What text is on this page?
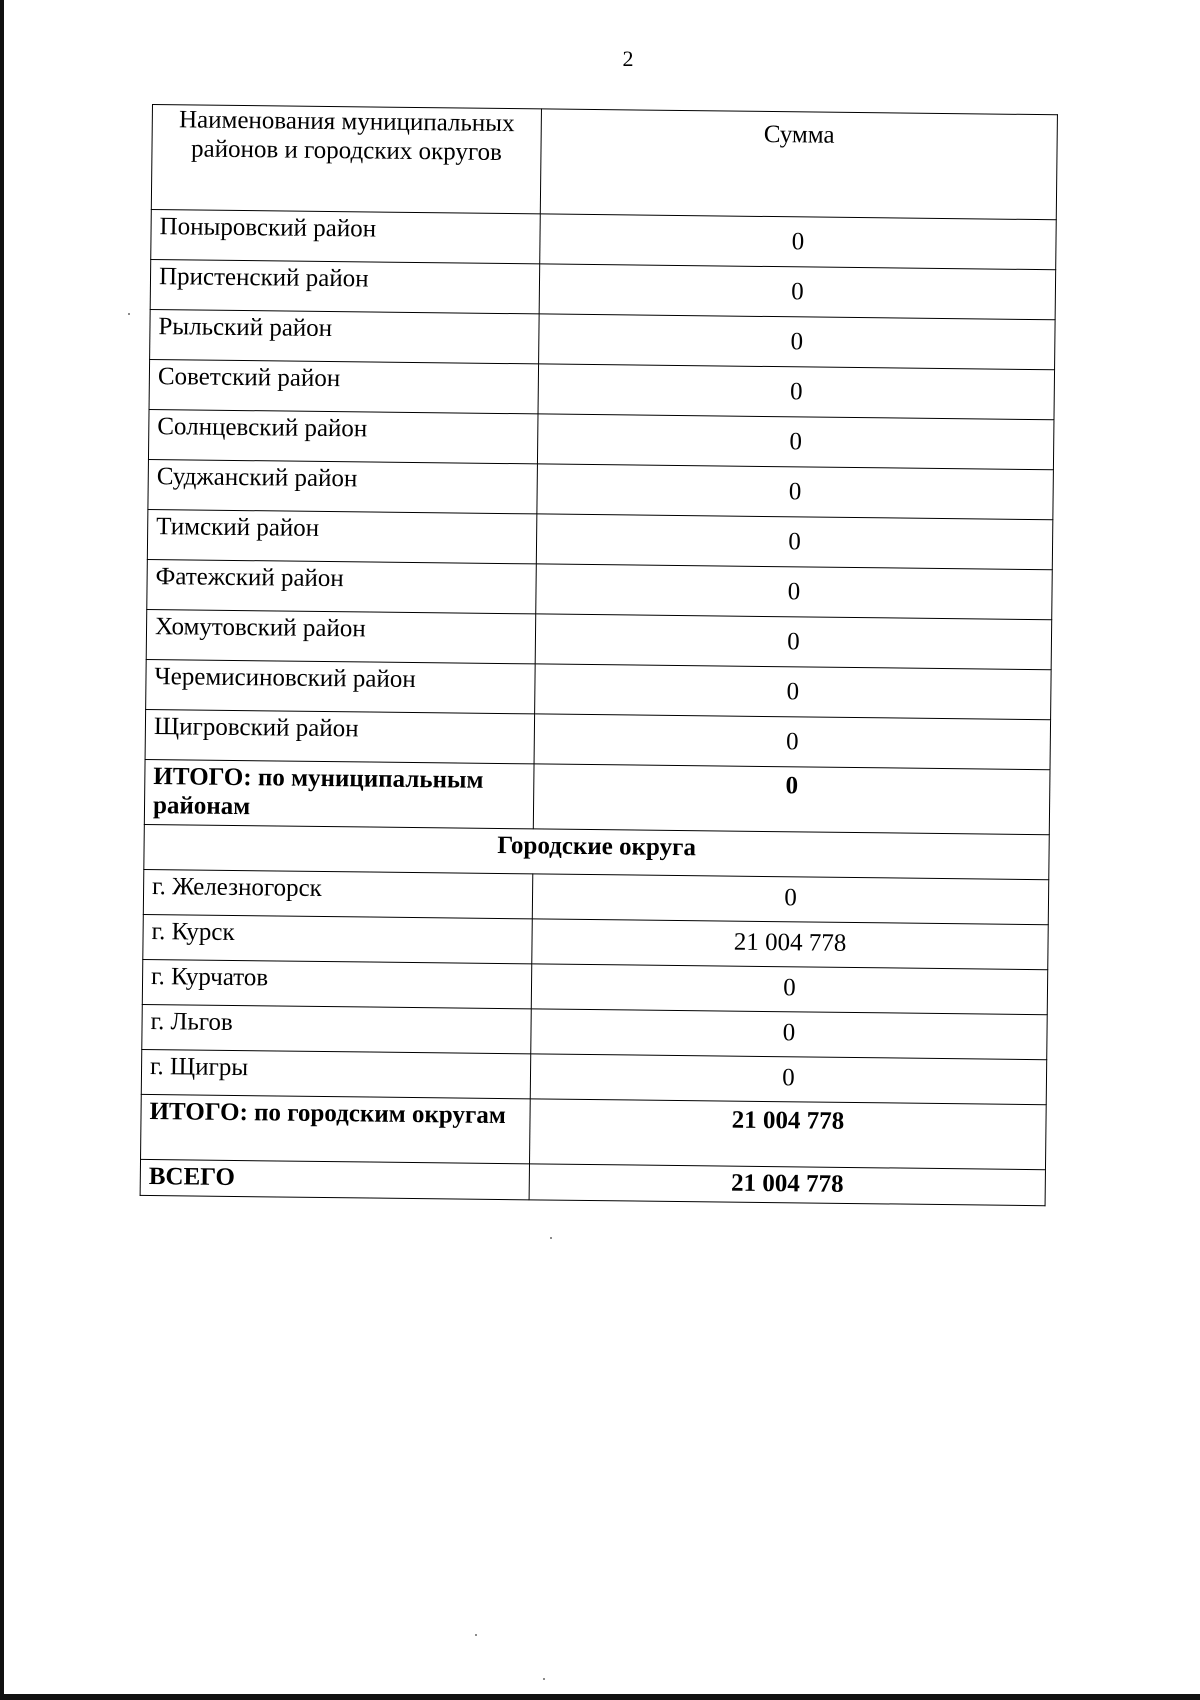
2
Наименования муниципальных районов и городских округов	Сумма
Поныровский район	0
Пристенский район	0
Рыльский район	0
Советский район	0
Солнцевский район	0
Суджанский район	0
Тимский район	0
Фатежский район	0
Хомутовский район	0
Черемисиновский район	0
Щигровский район	0
ИТОГО: по муниципальным районам	0
Городские округа	
г. Железногорск	0
г. Курск	21 004 778
г. Курчатов	0
г. Льгов	0
г. Щигры	0
ИТОГО: по городским округам	21 004 778
ВСЕГО	21 004 778
